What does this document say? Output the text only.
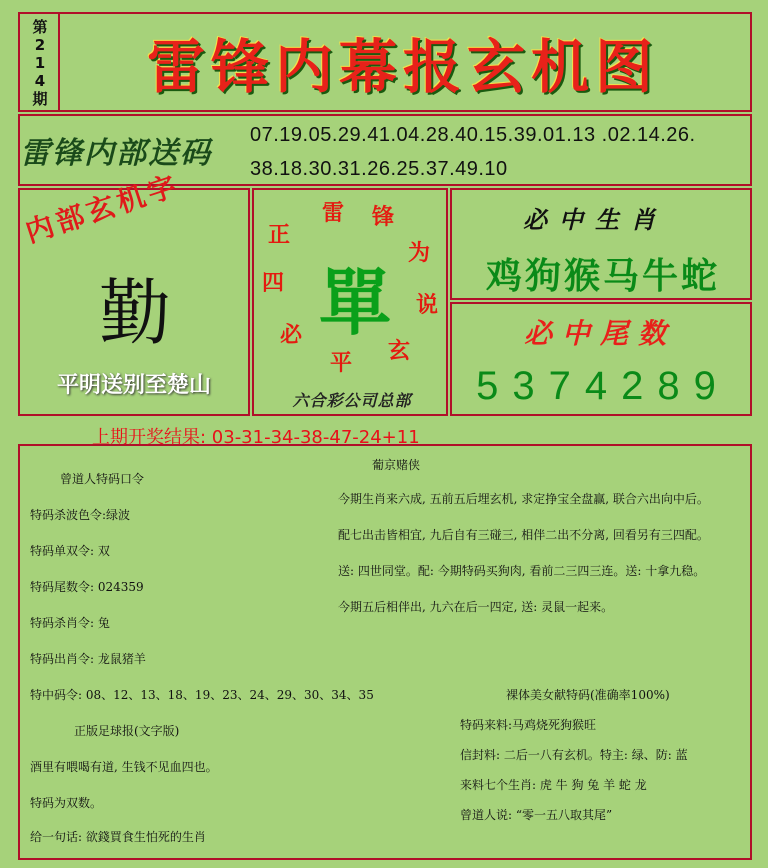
第
2
1
4
期	雷锋内幕报玄机图
雷锋内部送码
07.19.05.29.41.04.28.40.15.39.01.13 .02.14.26.
38.18.30.31.26.25.37.49.10
内部玄机字
勤
平明送别至楚山
正
雷 锋
为
说
玄
平
必
四 單
六合彩公司总部
必中生肖
鸡狗猴马牛蛇
必中尾数
5374289
上期开奖结果: 03-31-34-38-47-24+11
曾道人特码口令
特码杀波色令:绿波
特码单双令: 双
特码尾数令: 024359
特码杀肖令: 兔
特码出肖令: 龙鼠猪羊
特中码令: 08、12、13、18、19、23、24、29、30、34、35
正版足球报(文字版)
酒里有喂喝有道, 生钱不见血四也。
特码为双数。
给一句话: 欲錢買食生怕死的生肖
葡京赌侠
今期生肖来六成, 五前五后埋玄机, 求定挣宝全盘赢, 联合六出向中后。
配七出击皆相宜, 九后自有三碰三, 相伴二出不分离, 回看另有三四配。
送: 四世同堂。配: 今期特码买狗肉, 看前二三四三连。送: 十拿九稳。
今期五后相伴出, 九六在后一四定, 送: 灵鼠一起来。
裸体美女献特码(准确率100%)
特码来料:马鸡烧死狗猴旺
信封料: 二后一八有玄机。特主: 绿、防: 蓝
来料七个生肖: 虎 牛 狗 兔 羊 蛇 龙
曾道人说: “零一五八取其尾”
